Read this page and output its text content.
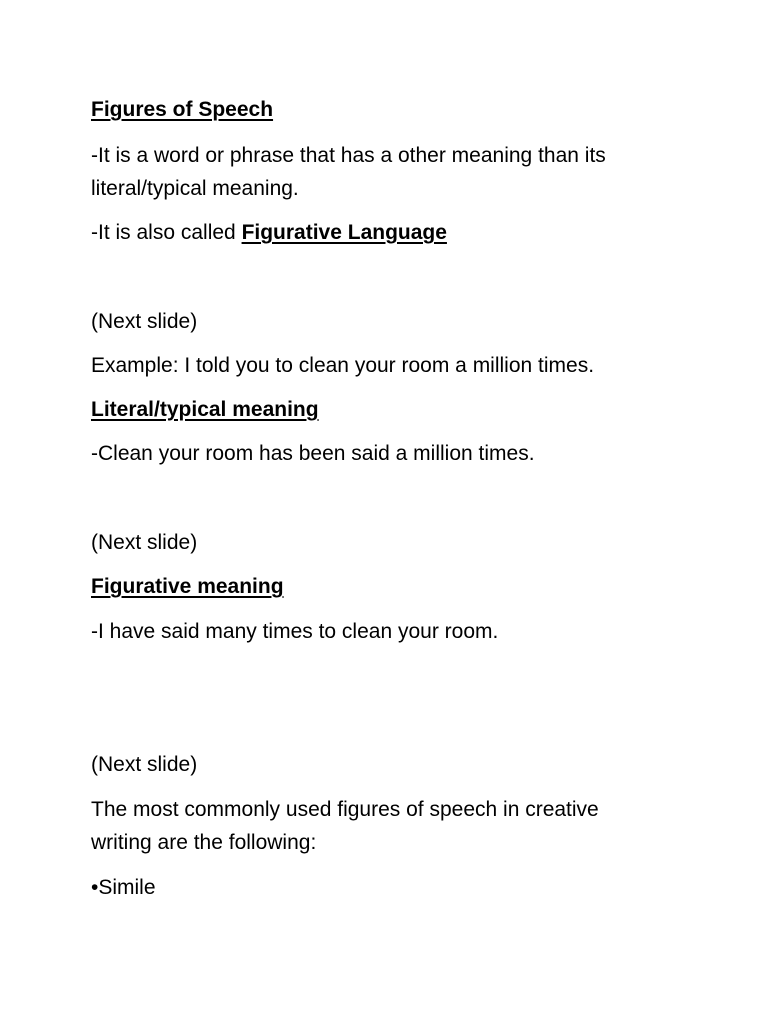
Figures of Speech

-It is a word or phrase that has a other meaning than its

literal/typical meaning.

-It is also called Figurative Language

(Next slide)

Example: I told you to clean your room a million times.

Literal/typical meaning

-Clean your room has been said a million times.

(Next slide)

Figurative meaning

-I have said many times to clean your room.

(Next slide)

The most commonly used figures of speech in creative

writing are the following:

•Simile
